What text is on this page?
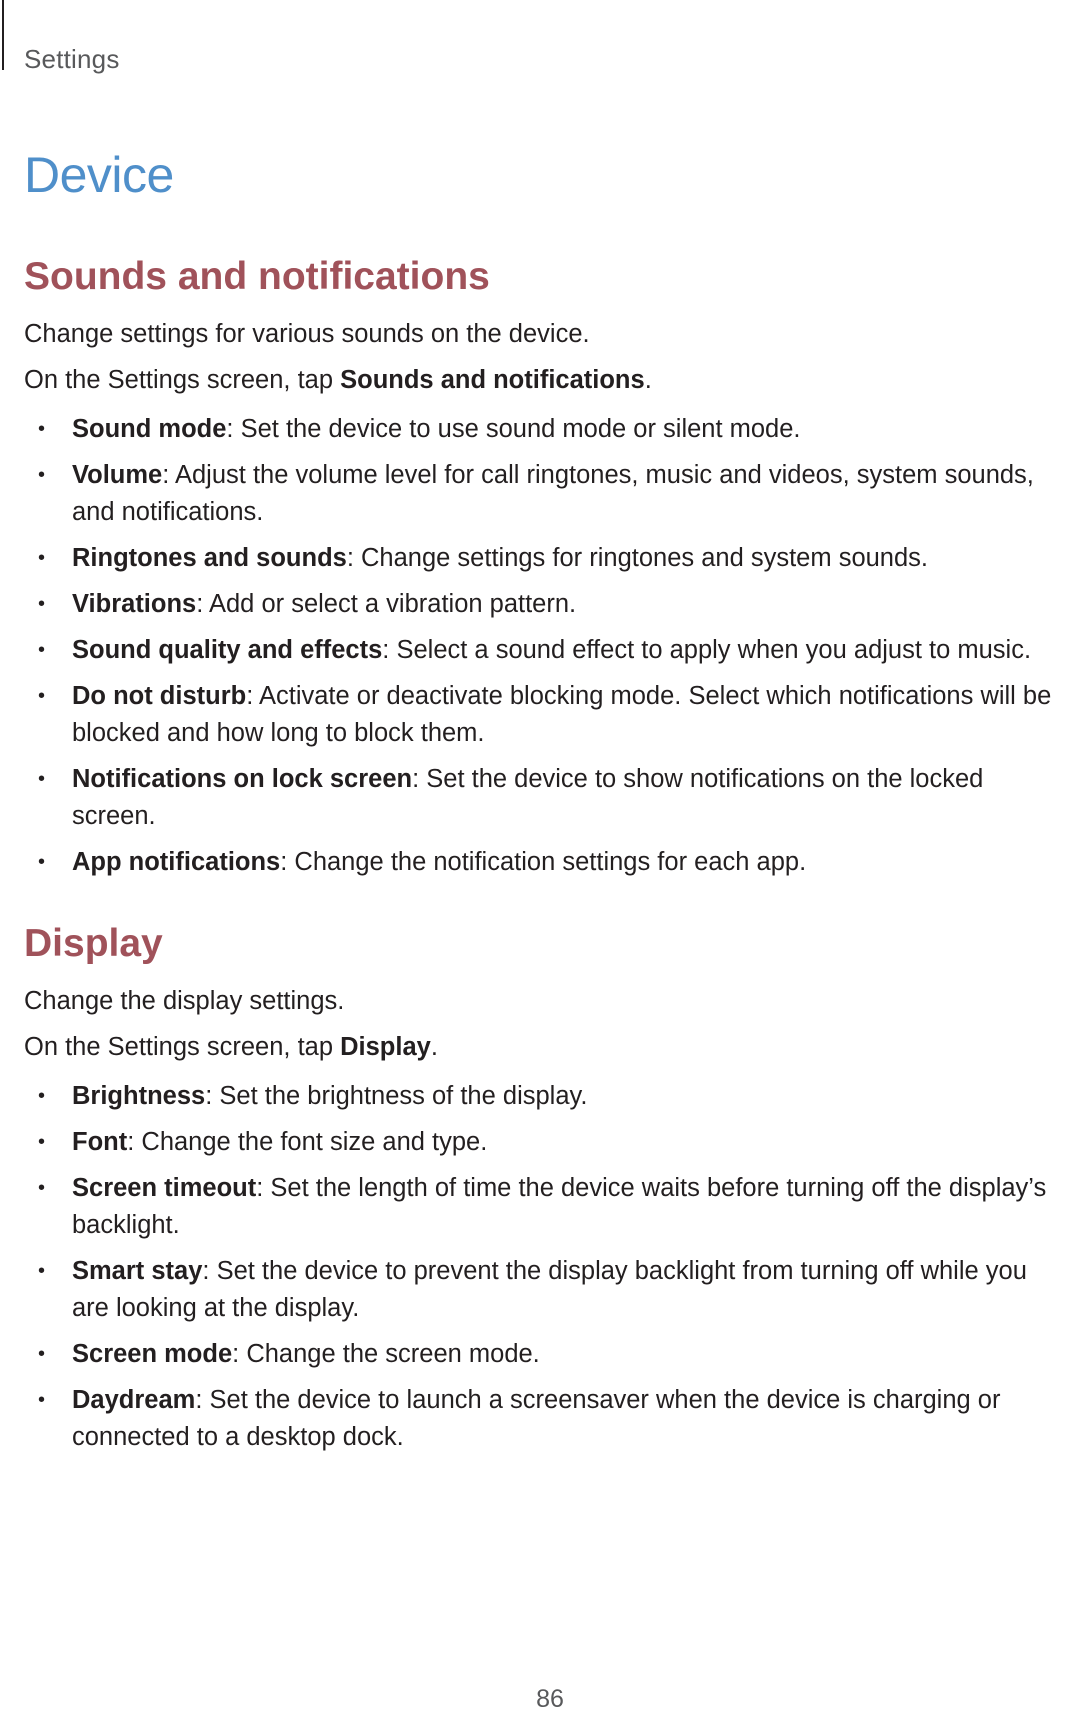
Settings
Device
Sounds and notifications

Change settings for various sounds on the device.

On the Settings screen, tap Sounds and notifications.

• Sound mode: Set the device to use sound mode or silent mode.
• Volume: Adjust the volume level for call ringtones, music and videos, system sounds, and notifications.
• Ringtones and sounds: Change settings for ringtones and system sounds.
• Vibrations: Add or select a vibration pattern.
• Sound quality and effects: Select a sound effect to apply when you adjust to music.
• Do not disturb: Activate or deactivate blocking mode. Select which notifications will be blocked and how long to block them.
• Notifications on lock screen: Set the device to show notifications on the locked screen.
• App notifications: Change the notification settings for each app.
Display

Change the display settings.

On the Settings screen, tap Display.

• Brightness: Set the brightness of the display.
• Font: Change the font size and type.
• Screen timeout: Set the length of time the device waits before turning off the display’s backlight.
• Smart stay: Set the device to prevent the display backlight from turning off while you are looking at the display.
• Screen mode: Change the screen mode.
• Daydream: Set the device to launch a screensaver when the device is charging or connected to a desktop dock.
86
